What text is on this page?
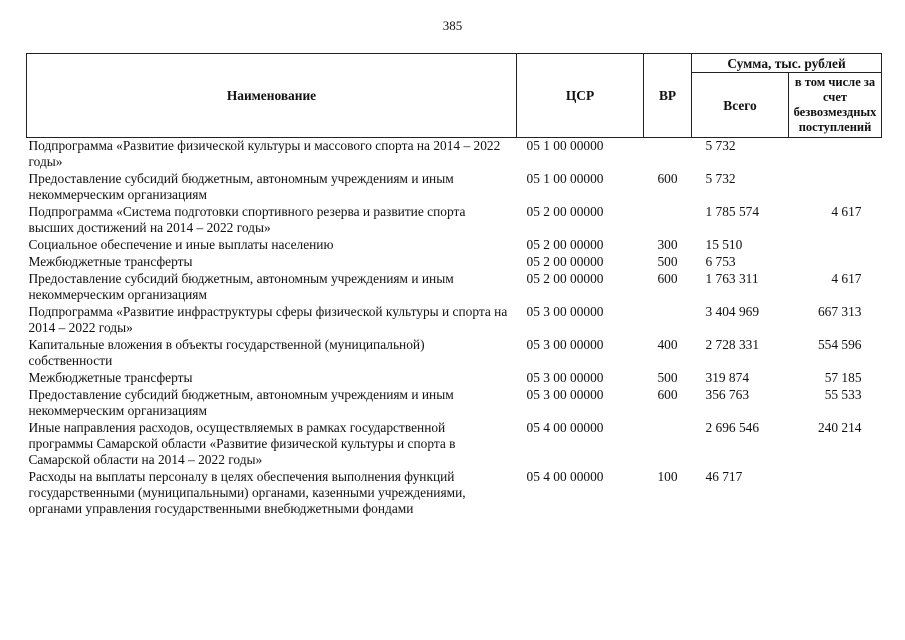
385
Наименование	ЦСР	ВР	Сумма, тыс. рублей	
			Всего	в том числе за счет безвозмездных поступлений
Подпрограмма «Развитие физической культуры и массового спорта на 2014 – 2022 годы»	05 1 00 00000		5 732	
Предоставление субсидий бюджетным, автономным учреждениям и иным некоммерческим организациям	05 1 00 00000	600	5 732	
Подпрограмма «Система подготовки спортивного резерва и развитие спорта высших достижений на 2014 – 2022 годы»	05 2 00 00000		1 785 574	4 617
Социальное обеспечение и иные выплаты населению	05 2 00 00000	300	15 510	
Межбюджетные трансферты	05 2 00 00000	500	6 753	
Предоставление субсидий бюджетным, автономным учреждениям и иным некоммерческим организациям	05 2 00 00000	600	1 763 311	4 617
Подпрограмма «Развитие инфраструктуры сферы физической культуры и спорта на 2014 – 2022 годы»	05 3 00 00000		3 404 969	667 313
Капитальные вложения в объекты государственной (муниципальной) собственности	05 3 00 00000	400	2 728 331	554 596
Межбюджетные трансферты	05 3 00 00000	500	319 874	57 185
Предоставление субсидий бюджетным, автономным учреждениям и иным некоммерческим организациям	05 3 00 00000	600	356 763	55 533
Иные направления расходов, осуществляемых в рамках государственной программы Самарской области «Развитие физической культуры и спорта в Самарской области на 2014 – 2022 годы»	05 4 00 00000		2 696 546	240 214
Расходы на выплаты персоналу в целях обеспечения выполнения функций государственными (муниципальными) органами, казенными учреждениями, органами управления государственными внебюджетными фондами	05 4 00 00000	100	46 717	
